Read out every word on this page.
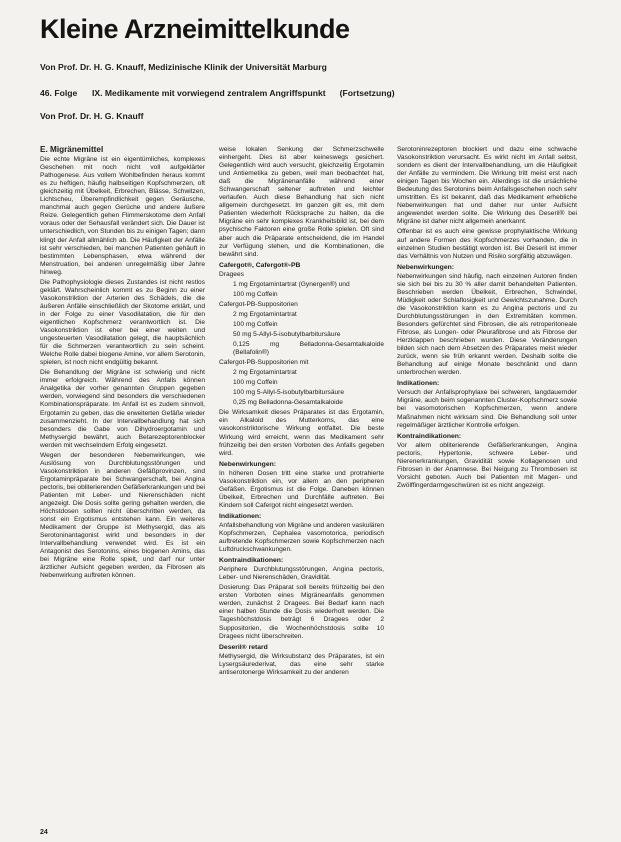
Kleine Arzneimittelkunde
Von Prof. Dr. H. G. Knauff, Medizinische Klinik der Universität Marburg
46. Folge IX. Medikamente mit vorwiegend zentralem Angriffspunkt (Fortsetzung)
Von Prof. Dr. H. G. Knauff
E. Migränemittel

Die echte Migräne ist ein eigentümliches, komplexes Geschehen mit noch nicht voll aufgeklärter Pathogenese. Aus vollem Wohlbefinden heraus kommt es zu heftigen, häufig halbseitigen Kopfschmerzen, oft gleichzeitig mit Übelkeit, Erbrechen, Blässe, Schwitzen, Lichtscheu, Überempfindlichkeit gegen Geräusche, manchmal auch gegen Gerüche und andere äußere Reize. Gelegentlich gehen Flimmerskotome dem Anfall voraus oder der Sehausfall verändert sich. Die Dauer ist unterschiedlich, von Stunden bis zu einigen Tagen; dann klingt der Anfall allmählich ab. Die Häufigkeit der Anfälle ist sehr verschieden, bei manchen Patienten gehäuft in bestimmten Lebensphasen, etwa während der Menstruation, bei anderen unregelmäßig über Jahre hinweg.

Die Pathophysiologie dieses Zustandes ist nicht restlos geklärt. Wahrscheinlich kommt es zu Beginn zu einer Vasokonstriktion der Arterien des Schädels, die die äußeren Anfälle einschließlich der Skotome erklärt, und in der Folge zu einer Vasodilatation, die für den eigentlichen Kopfschmerz verantwortlich ist. Die Vasokonstriktion ist eher bei einer weiten und ungesteuerten Vasodilatation gelegt, die hauptsächlich für die Schmerzen verantwortlich zu sein scheint. Welche Rolle dabei biogene Amine, vor allem Serotonin, spielen, ist noch nicht endgültig bekannt.

Die Behandlung der Migräne ist schwierig und nicht immer erfolgreich. Während des Anfalls können Analgetika der vorher genannten Gruppen gegeben werden, vorwiegend sind besonders die verschiedenen Kombinationspräparate. Im Anfall ist es zudem sinnvoll, Ergotamin zu geben, das die erweiterten Gefäße wieder zusammenzieht. In der Intervallbehandlung hat sich besonders die Gabe von Dihydroergotamin und Methysergid bewährt, auch Betarezeptorenblocker werden mit wechselndem Erfolg eingesetzt.

Wegen der besonderen Nebenwirkungen, wie Auslösung von Durchblutungsstörungen und Vasokonstriktion in anderen Gefäßprovinzen, sind Ergotaminpräparate bei Schwangerschaft, bei Angina pectoris, bei obliterierenden Gefäßerkrankungen und bei Patienten mit Leber- und Nierenschäden nicht angezeigt. Die Dosis sollte gering gehalten werden, die Höchstdosen sollten nicht überschritten werden, da sonst ein Ergotismus entstehen kann. Ein weiteres Medikament der Gruppe ist Methysergid, das als Serotoninantagonist wirkt und besonders in der Intervallbehandlung verwendet wird. Es ist ein Antagonist des Serotonins, eines biogenen Amins, das bei Migräne eine Rolle spielt, und darf nur unter ärztlicher Aufsicht gegeben werden, da Fibrosen als Nebenwirkung auftreten können.

weise lokalen Senkung der Schmerzschwelle einhergeht. Dies ist aber keineswegs gesichert. Gelegentlich wird auch versucht, gleichzeitig Ergotamin und Antiemetika zu geben, weil man beobachtet hat, daß die Migränenanfälle während einer Schwangerschaft seltener auftreten und leichter verlaufen. Auch diese Behandlung hat sich nicht allgemein durchgesetzt. Im ganzen gilt es, mit dem Patienten wiederholt Rücksprache zu halten, da die Migräne ein sehr komplexes Krankheitsbild ist, bei dem psychische Faktoren eine große Rolle spielen. Oft sind aber auch die Präparate entscheidend, die im Handel zur Verfügung stehen, und die Kombinationen, die bewährt sind.

Cafergot®, Cafergot®-PB

Dragees

1 mg Ergotamintartrat (Gynergen®) und

100 mg Coffein

Cafergot-PB-Suppositorien

2 mg Ergotamintartrat

100 mg Coffein

50 mg 5-Allyl-5-isobutylbarbitursäure

0,125 mg Belladonna-Gesamtalkaloide (Bellafolin®)

Cafergot-PB-Suppositorien mit

2 mg Ergotamintartrat

100 mg Coffein

100 mg 5-Allyl-5-isobutylbarbitursäure

0,25 mg Belladonna-Gesamtalkaloide

Die Wirksamkeit dieses Präparates ist das Ergotamin, ein Alkaloid des Mutterkorns, das eine vasokonstriktorische Wirkung entfaltet. Die beste Wirkung wird erreicht, wenn das Medikament sehr frühzeitig bei den ersten Vorboten des Anfalls gegeben wird.

Nebenwirkungen:

In höheren Dosen tritt eine starke und protrahierte Vasokonstriktion ein, vor allem an den peripheren Gefäßen. Ergotismus ist die Folge. Daneben können Übelkeit, Erbrechen und Durchfälle auftreten. Bei Kindern soll Cafergot nicht eingesetzt werden.

Indikationen:

Anfallsbehandlung von Migräne und anderen vaskulären Kopfschmerzen, Cephalea vasomotorica, periodisch auftretende Kopfschmerzen sowie Kopfschmerzen nach Luftdruckschwankungen.

Kontraindikationen:

Periphere Durchblutungsstörungen, Angina pectoris, Leber- und Nierenschäden, Gravidität.

Dosierung: Das Präparat soll bereits frühzeitig bei den ersten Vorboten eines Migräneanfalls genommen werden, zunächst 2 Dragees. Bei Bedarf kann nach einer halben Stunde die Dosis wiederholt werden. Die Tageshöchstdosis beträgt 6 Dragees oder 2 Suppositorien, die Wochenhöchstdosis sollte 10 Dragees nicht überschreiten.

Deseril® retard

Methysergid, die Wirksubstanz des Präparates, ist ein Lysergsäurederivat, das eine sehr starke antiserotonerge Wirksamkeit zu der anderen

Serotoninrezeptoren blockiert und dazu eine schwache Vasokonstriktion verursacht. Es wirkt nicht im Anfall selbst, sondern es dient der Intervallbehandlung, um die Häufigkeit der Anfälle zu vermindern. Die Wirkung tritt meist erst nach einigen Tagen bis Wochen ein. Allerdings ist die ursächliche Bedeutung des Serotonins beim Anfallsgeschehen noch sehr umstritten. Es ist bekannt, daß das Medikament erhebliche Nebenwirkungen hat und daher nur unter Aufsicht angewendet werden sollte. Die Wirkung des Deseril® bei Migräne ist daher nicht allgemein anerkannt.

Offenbar ist es auch eine gewisse prophylaktische Wirkung auf andere Formen des Kopfschmerzes vorhanden, die in einzelnen Studien bestätigt worden ist. Bei Deseril ist immer das Verhältnis von Nutzen und Risiko sorgfältig abzuwägen.

Nebenwirkungen:

Nebenwirkungen sind häufig, nach einzelnen Autoren finden sie sich bei bis zu 30 % aller damit behandelten Patienten. Beschrieben werden Übelkeit, Erbrechen, Schwindel, Müdigkeit oder Schlaflosigkeit und Gewichtszunahme. Durch die Vasokonstriktion kann es zu Angina pectoris und zu Durchblutungsstörungen in den Extremitäten kommen. Besonders gefürchtet sind Fibrosen, die als retroperitoneale Fibrose, als Lungen- oder Pleurafibrose und als Fibrose der Herzklappen beschrieben wurden. Diese Veränderungen bilden sich nach dem Absetzen des Präparates meist wieder zurück, wenn sie früh erkannt werden. Deshalb sollte die Behandlung auf einige Monate beschränkt und dann unterbrochen werden.

Indikationen:

Versuch der Anfallsprophylaxe bei schweren, langdauernder Migräne, auch beim sogenannten Cluster-Kopfschmerz sowie bei vasomotorischen Kopfschmerzen, wenn andere Maßnahmen nicht wirksam sind. Die Behandlung soll unter regelmäßiger ärztlicher Kontrolle erfolgen.

Kontraindikationen:

Vor allem obliterierende Gefäßerkrankungen, Angina pectoris, Hypertonie, schwere Leber- und Nierenerkrankungen, Gravidität sowie Kollagenosen und Fibrosen in der Anamnese. Bei Neigung zu Thrombosen ist Vorsicht geboten. Auch bei Patienten mit Magen- und Zwölffingerdarmgeschwüren ist es nicht angezeigt.

24
